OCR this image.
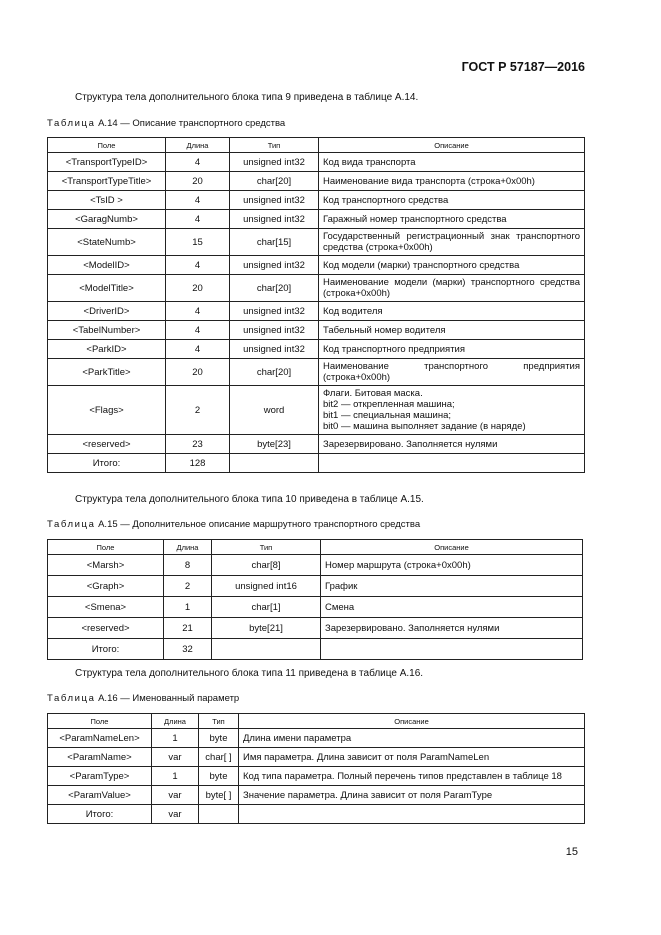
ГОСТ Р 57187—2016
Структура тела дополнительного блока типа 9 приведена в таблице А.14.
Таблица А.14 — Описание транспортного средства
Поле	Длина	Тип	Описание
<TransportTypeID>	4	unsigned int32	Код вида транспорта
<TransportTypeTitle>	20	char[20]	Наименование вида транспорта (строка+0x00h)
<TsID >	4	unsigned int32	Код транспортного средства
<GaragNumb>	4	unsigned int32	Гаражный номер транспортного средства
<StateNumb>	15	char[15]	Государственный регистрационный знак транспортного средства (строка+0x00h)
<ModelID>	4	unsigned int32	Код модели (марки) транспортного средства
<ModelTitle>	20	char[20]	Наименование модели (марки) транспортного средства (строка+0x00h)
<DriverID>	4	unsigned int32	Код водителя
<TabelNumber>	4	unsigned int32	Табельный номер водителя
<ParkID>	4	unsigned int32	Код транспортного предприятия
<ParkTitle>	20	char[20]	Наименование транспортного предприятия (строка+0x00h)
<Flags>	2	word	Флаги. Битовая маска.
bit2 — открепленная машина;
bit1 — специальная машина;
bit0 — машина выполняет задание (в наряде)

<reserved>	23	byte[23]	Зарезервировано. Заполняется нулями
Итого:	128		
Структура тела дополнительного блока типа 10 приведена в таблице А.15.
Таблица А.15 — Дополнительное описание маршрутного транспортного средства
Поле	Длина	Тип	Описание
<Marsh>	8	char[8]	Номер маршрута (строка+0x00h)
<Graph>	2	unsigned int16	График
<Smena>	1	char[1]	Смена
<reserved>	21	byte[21]	Зарезервировано. Заполняется нулями
Итого:	32		
Структура тела дополнительного блока типа 11 приведена в таблице А.16.
Таблица А.16 — Именованный параметр
Поле	Длина	Тип	Описание
<ParamNameLen>	1	byte	Длина имени параметра
<ParamName>	var	char[ ]	Имя параметра. Длина зависит от поля ParamNameLen
<ParamType>	1	byte	Код типа параметра. Полный перечень типов представлен в таблице 18
<ParamValue>	var	byte[ ]	Значение параметра. Длина зависит от поля ParamType
Итого:	var		
15
